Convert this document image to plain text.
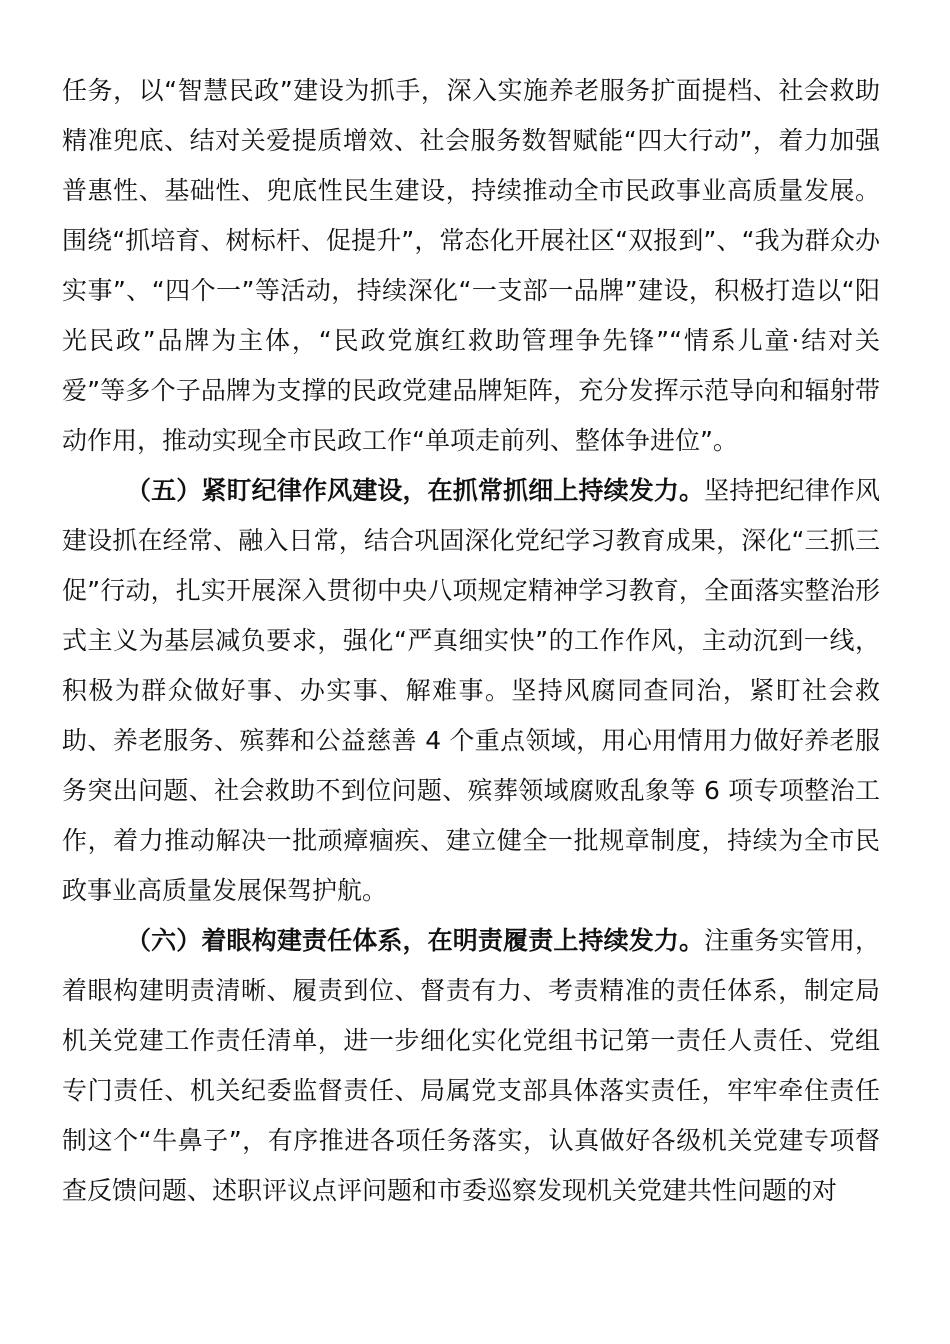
任务，以“智慧民政”建设为抓手，深入实施养老服务扩面提档、社会救助精准兜底、结对关爱提质增效、社会服务数智赋能“四大行动”，着力加强普惠性、基础性、兜底性民生建设，持续推动全市民政事业高质量发展。围绕“抓培育、树标杆、促提升”，常态化开展社区“双报到”、“我为群众办实事”、“四个一”等活动，持续深化“一支部一品牌”建设，积极打造以“阳光民政”品牌为主体，“民政党旗红救助管理争先锋”“情系儿童·结对关爱”等多个子品牌为支撑的民政党建品牌矩阵，充分发挥示范导向和辐射带动作用，推动实现全市民政工作“单项走前列、整体争进位”。

（五）紧盯纪律作风建设，在抓常抓细上持续发力。坚持把纪律作风建设抓在经常、融入日常，结合巩固深化党纪学习教育成果，深化“三抓三促”行动，扎实开展深入贯彻中央八项规定精神学习教育，全面落实整治形式主义为基层减负要求，强化“严真细实快”的工作作风，主动沉到一线，积极为群众做好事、办实事、解难事。坚持风腐同查同治，紧盯社会救助、养老服务、殡葬和公益慈善 4 个重点领域，用心用情用力做好养老服务突出问题、社会救助不到位问题、殡葬领域腐败乱象等 6 项专项整治工作，着力推动解决一批顽瘴痼疾、建立健全一批规章制度，持续为全市民政事业高质量发展保驾护航。

（六）着眼构建责任体系，在明责履责上持续发力。注重务实管用，着眼构建明责清晰、履责到位、督责有力、考责精准的责任体系，制定局机关党建工作责任清单，进一步细化实化党组书记第一责任人责任、党组专门责任、机关纪委监督责任、局属党支部具体落实责任，牢牢牵住责任制这个“牛鼻子”，有序推进各项任务落实，认真做好各级机关党建专项督查反馈问题、述职评议点评问题和市委巡察发现机关党建共性问题的对
